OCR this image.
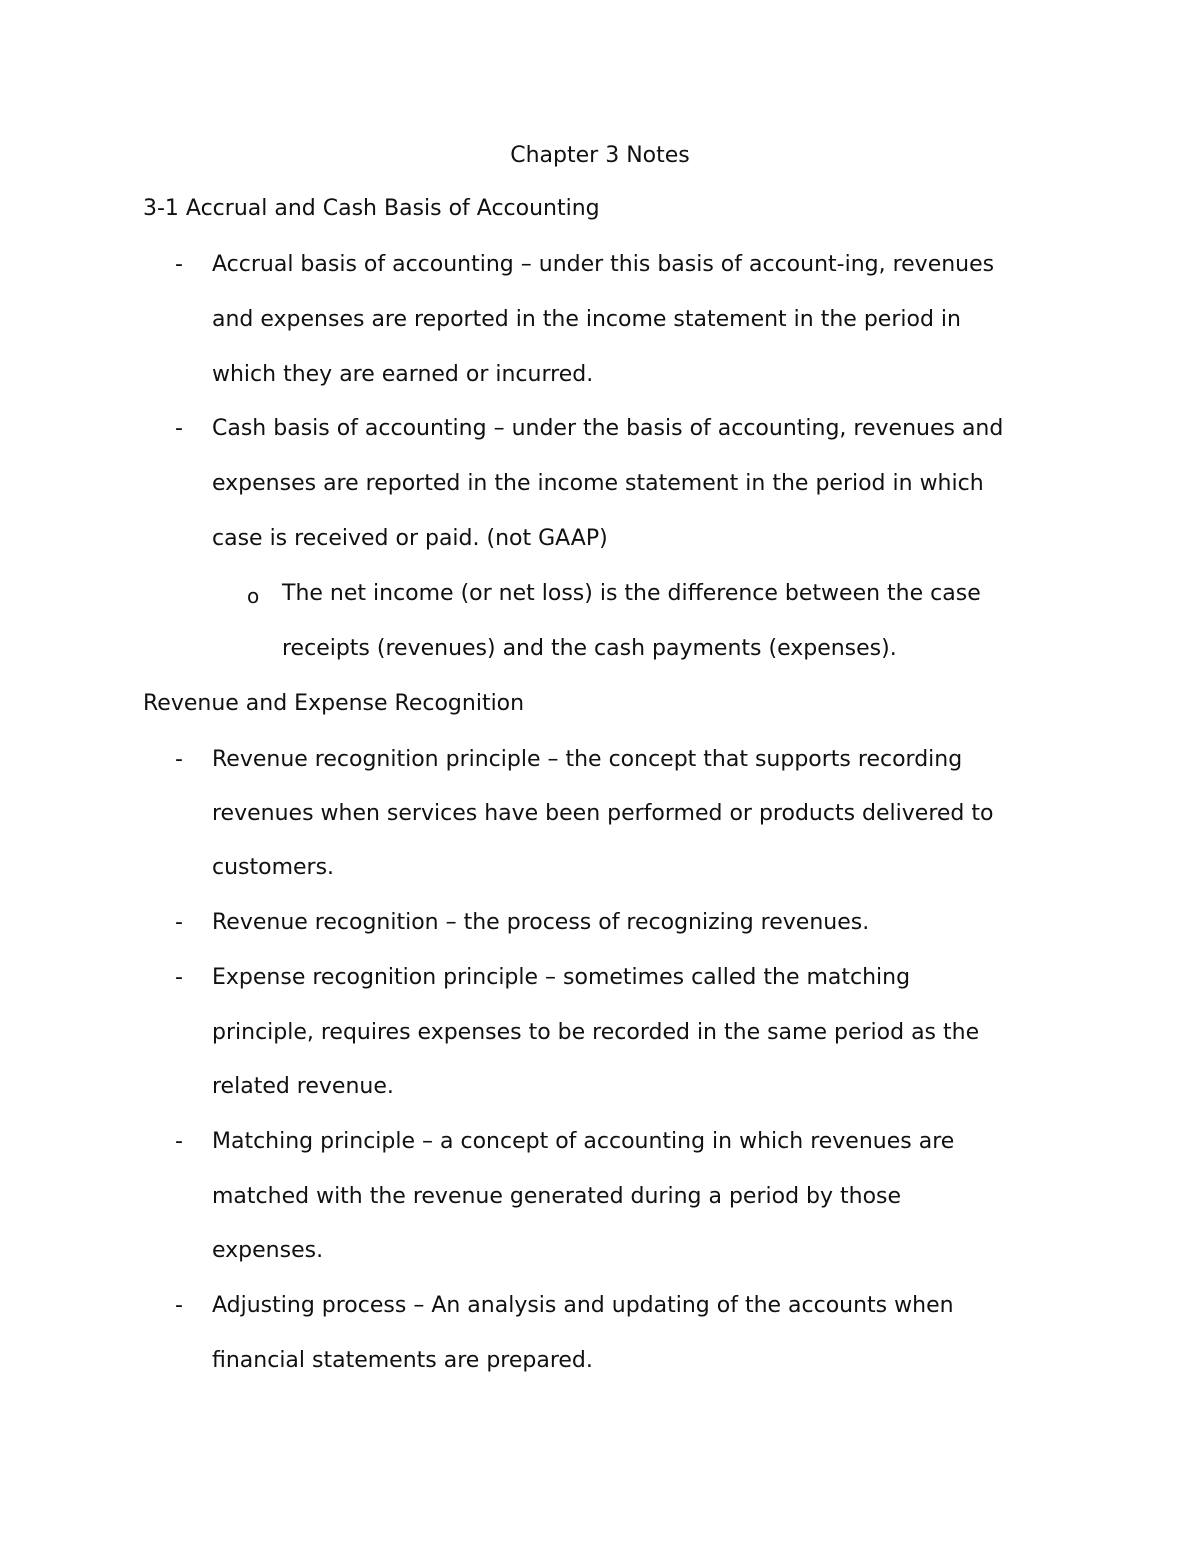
Chapter 3 Notes
3-1 Accrual and Cash Basis of Accounting
- Accrual basis of accounting – under this basis of account-ing, revenues
and expenses are reported in the income statement in the period in
which they are earned or incurred.
- Cash basis of accounting – under the basis of accounting, revenues and
expenses are reported in the income statement in the period in which
case is received or paid. (not GAAP)
o The net income (or net loss) is the difference between the case
receipts (revenues) and the cash payments (expenses).
Revenue and Expense Recognition
- Revenue recognition principle – the concept that supports recording
revenues when services have been performed or products delivered to
customers.
- Revenue recognition – the process of recognizing revenues.
- Expense recognition principle – sometimes called the matching
principle, requires expenses to be recorded in the same period as the
related revenue.
- Matching principle – a concept of accounting in which revenues are
matched with the revenue generated during a period by those
expenses.
- Adjusting process – An analysis and updating of the accounts when
financial statements are prepared.
